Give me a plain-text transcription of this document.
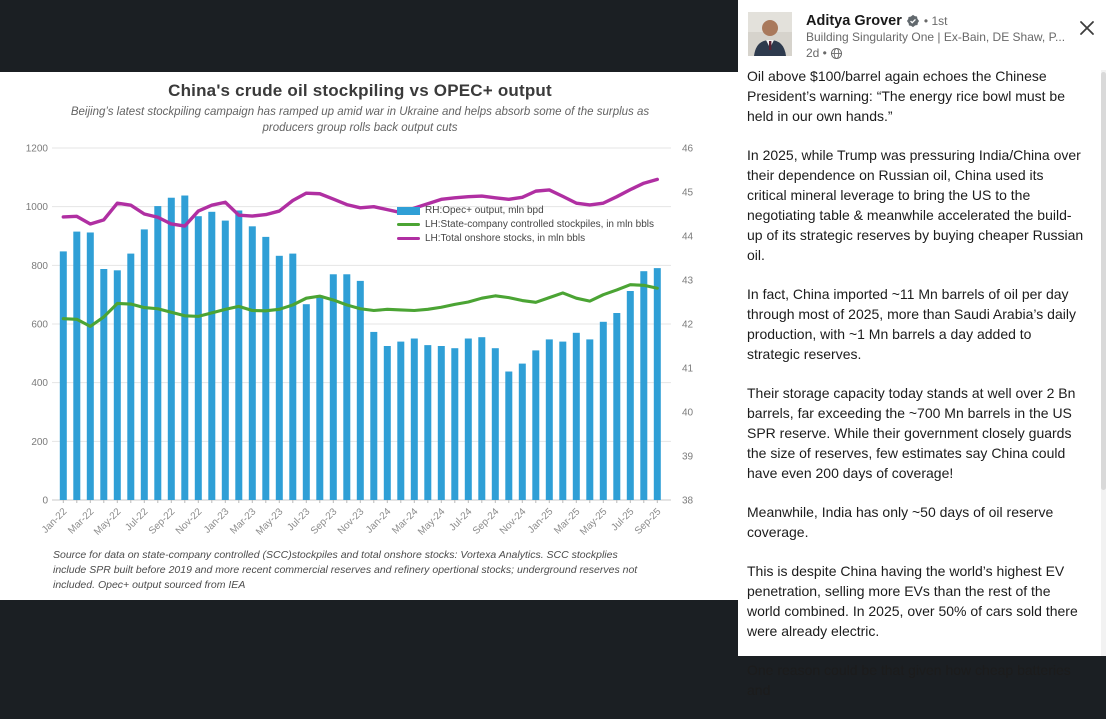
China's crude oil stockpiling vs OPEC+ output
Beijing’s latest stockpiling campaign has ramped up amid war in Ukraine and helps absorb some of the surplus as producers group rolls back output cuts
0
200
400
600
800
1000
1200
38
39
40
41
42
43
44
45
46
Jan-22
Mar-22
May-22 Jul-22
Sep-22
Nov-22
Jan-23
Mar-23
May-23 Jul-23
Sep-23
Nov-23
Jan-24
Mar-24
May-24 Jul-24
Sep-24
Nov-24
Jan-25
Mar-25
May-25 Jul-25
Sep-25
RH:Opec+ output, mln bpd
LH:State-company controlled stockpiles, in mln bbls
LH:Total onshore stocks, in mln bbls
Source for data on state-company controlled (SCC)stockpiles and total onshore stocks: Vortexa Analytics. SCC stockplies include SPR built before 2019 and more recent commercial reserves and refinery opertional stocks; underground reserves not included. Opec+ output sourced from IEA
Aditya Grover • 1st
Building Singularity One | Ex-Bain, DE Shaw, P...
2d •

Oil above $100/barrel again echoes the Chinese President’s warning: “The energy rice bowl must be held in our own hands.”

In 2025, while Trump was pressuring India/China over their dependence on Russian oil, China used its critical mineral leverage to bring the US to the negotiating table & meanwhile accelerated the build-up of its strategic reserves by buying cheaper Russian oil.

In fact, China imported ~11 Mn barrels of oil per day through most of 2025, more than Saudi Arabia’s daily production, with ~1 Mn barrels a day added to strategic reserves.

Their storage capacity today stands at well over 2 Bn barrels, far exceeding the ~700 Mn barrels in the US SPR reserve. While their government closely guards the size of reserves, few estimates say China could have even 200 days of coverage!

Meanwhile, India has only ~50 days of oil reserve coverage.

This is despite China having the world’s highest EV penetration, selling more EVs than the rest of the world combined. In 2025, over 50% of cars sold there were already electric.

One reason could be that given how cheap batteries and
